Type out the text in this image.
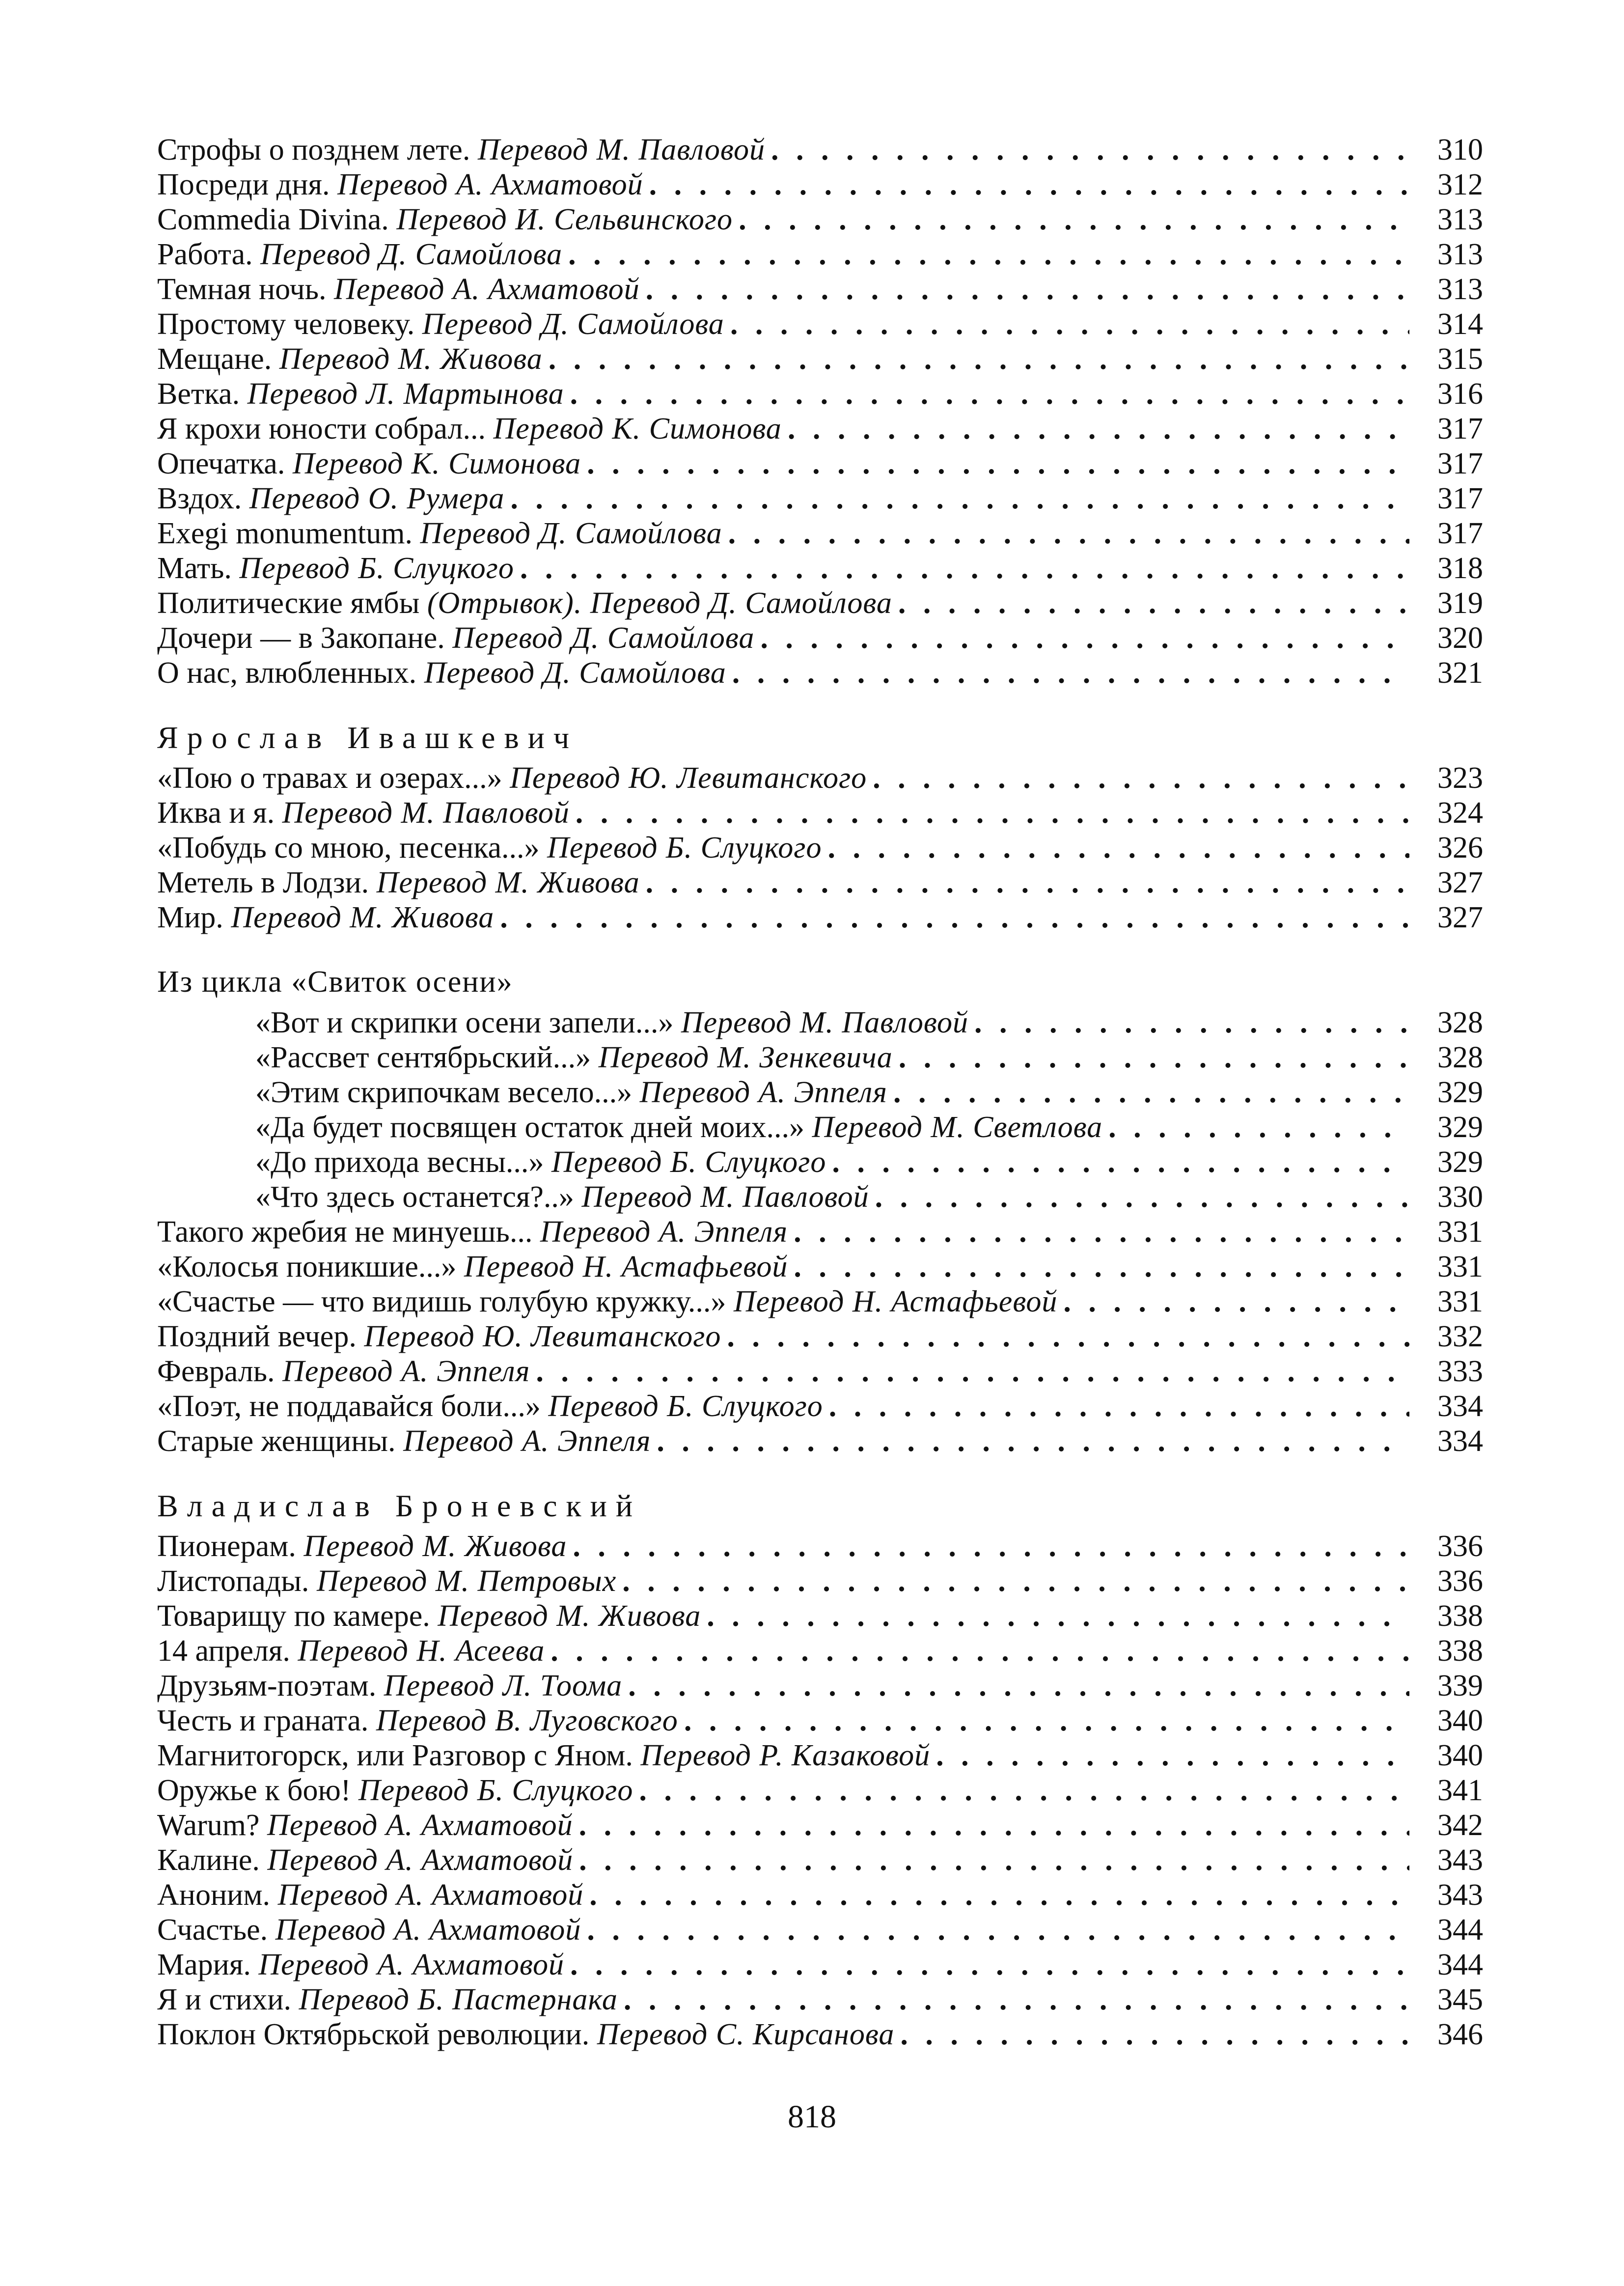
Строфы о позднем лете. Перевод М. Павловой . . .	310
Посреди дня. Перевод А. Ахматовой . . .	312
Commedia Divina. Перевод И. Сельвинского . . .	313
Работа. Перевод Д. Самойлова . . .	313
Темная ночь. Перевод А. Ахматовой . . .	313
Простому человеку. Перевод Д. Самойлова . . .	314
Мещане. Перевод М. Живова . . .	315
Ветка. Перевод Л. Мартынова . . .	316
Я крохи юности собрал... Перевод К. Симонова . . .	317
Опечатка. Перевод К. Симонова . . .	317
Вздох. Перевод О. Румера . . .	317
Exegi monumentum. Перевод Д. Самойлова . . .	317
Мать. Перевод Б. Слуцкого . . .	318
Политические ямбы (Отрывок). Перевод Д. Самойлова . . .	319
Дочери — в Закопане. Перевод Д. Самойлова . . .	320
О нас, влюбленных. Перевод Д. Самойлова . . .	321
Ярослав Ивашкевич
«Пою о травах и озерах...» Перевод Ю. Левитанского . . .	323
Иква и я. Перевод М. Павловой . . .	324
«Побудь со мною, песенка...» Перевод Б. Слуцкого . . .	326
Метель в Лодзи. Перевод М. Живова . . .	327
Мир. Перевод М. Живова . . .	327
Из цикла «Свиток осени»
«Вот и скрипки осени запели...» Перевод М. Павловой . . .	328
«Рассвет сентябрьский...» Перевод М. Зенкевича . . .	328
«Этим скрипочкам весело...» Перевод А. Эппеля . . .	329
«Да будет посвящен остаток дней моих...» Перевод М. Светлова . . .	329
«До прихода весны...» Перевод Б. Слуцкого . . .	329
«Что здесь останется?..» Перевод М. Павловой . . .	330
Такого жребия не минуешь... Перевод А. Эппеля . . .	331
«Колосья поникшие...» Перевод Н. Астафьевой . . .	331
«Счастье — что видишь голубую кружку...» Перевод Н. Астафьевой . . .	331
Поздний вечер. Перевод Ю. Левитанского . . .	332
Февраль. Перевод А. Эппеля . . .	333
«Поэт, не поддавайся боли...» Перевод Б. Слуцкого . . .	334
Старые женщины. Перевод А. Эппеля . . .	334
Владислав Броневский
Пионерам. Перевод М. Живова . . .	336
Листопады. Перевод М. Петровых . . .	336
Товарищу по камере. Перевод М. Живова . . .	338
14 апреля. Перевод Н. Асеева . . .	338
Друзьям-поэтам. Перевод Л. Тоома . . .	339
Честь и граната. Перевод В. Луговского . . .	340
Магнитогорск, или Разговор с Яном. Перевод Р. Казаковой . . .	340
Оружье к бою! Перевод Б. Слуцкого . . .	341
Warum? Перевод А. Ахматовой . . .	342
Калине. Перевод А. Ахматовой . . .	343
Аноним. Перевод А. Ахматовой . . .	343
Счастье. Перевод А. Ахматовой . . .	344
Мария. Перевод А. Ахматовой . . .	344
Я и стихи. Перевод Б. Пастернака . . .	345
Поклон Октябрьской революции. Перевод С. Кирсанова . . .	346
818
